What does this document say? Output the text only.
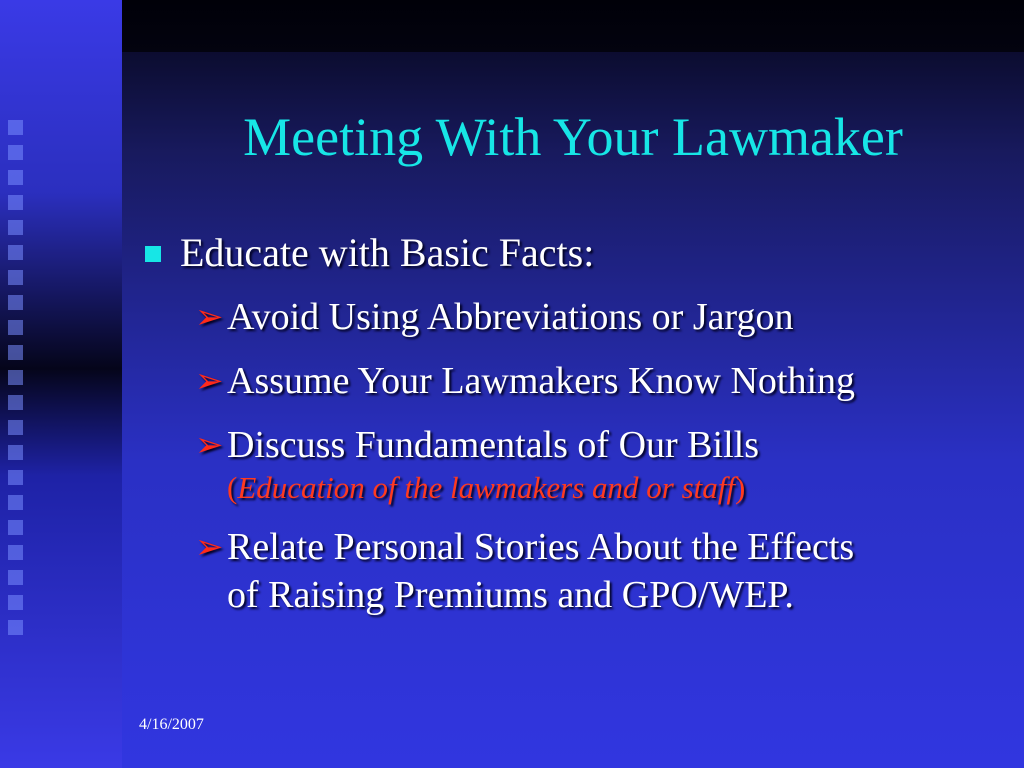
Meeting With Your Lawmaker
Educate with Basic Facts:
➢ Avoid Using Abbreviations or Jargon
➢ Assume Your Lawmakers Know Nothing
➢ Discuss Fundamentals of Our Bills
(Education of the lawmakers and or staff)
➢ Relate Personal Stories About the Effects
of Raising Premiums and GPO/WEP.
4/16/2007
